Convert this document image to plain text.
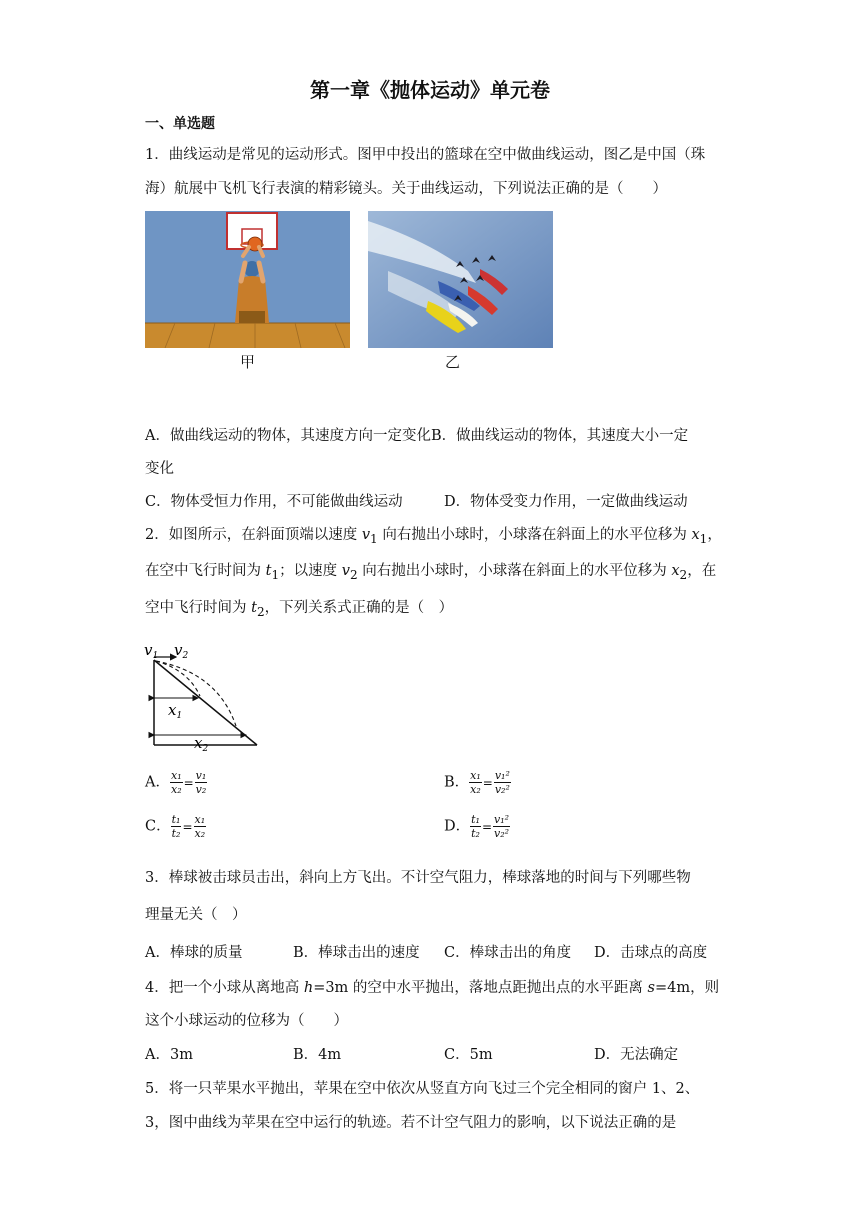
第一章《抛体运动》单元卷
一、单选题
1．曲线运动是常见的运动形式。图甲中投出的篮球在空中做曲线运动，图乙是中国（珠
海）航展中飞机飞行表演的精彩镜头。关于曲线运动，下列说法正确的是（　　）
甲	乙
A．做曲线运动的物体，其速度方向一定变化B．做曲线运动的物体，其速度大小一定
变化
C．物体受恒力作用，不可能做曲线运动	D．物体受变力作用，一定做曲线运动
2．如图所示，在斜面顶端以速度 $v_1$ 向右抛出小球时，小球落在斜面上的水平位移为 $x_1$，
在空中飞行时间为 $t_1$；以速度 $v_2$ 向右抛出小球时，小球落在斜面上的水平位移为 $x_2$，在
空中飞行时间为 $t_2$，下列关系式正确的是（　）
$v_1$ $v_2$
$x_1$
$x_2$
A． $\frac{\text{x₁}}{\text{x₂}} = \frac{\text{v₁}}{\text{v₂}}$	B． $\frac{\text{x₁}}{\text{x₂}} = \frac{\text{v₁²}}{\text{v₂²}}$
C． $\frac{\text{t₁}}{\text{t₂}} = \frac{\text{x₁}}{\text{x₂}}$	D． $\frac{\text{t₁}}{\text{t₂}} = \frac{\text{v₁²}}{\text{v₂²}}$
3．棒球被击球员击出，斜向上方飞出。不计空气阻力，棒球落地的时间与下列哪些物
理量无关（　）
A．棒球的质量	B．棒球击出的速度 C．棒球击出的角度 D．击球点的高度
4．把一个小球从离地高 h=3m 的空中水平抛出，落地点距抛出点的水平距离 s=4m，则
这个小球运动的位移为（　　）
A．3m	B．4m	C．5m	D．无法确定
5．将一只苹果水平抛出，苹果在空中依次从竖直方向飞过三个完全相同的窗户 1、2、
3，图中曲线为苹果在空中运行的轨迹。若不计空气阻力的影响，以下说法正确的是
